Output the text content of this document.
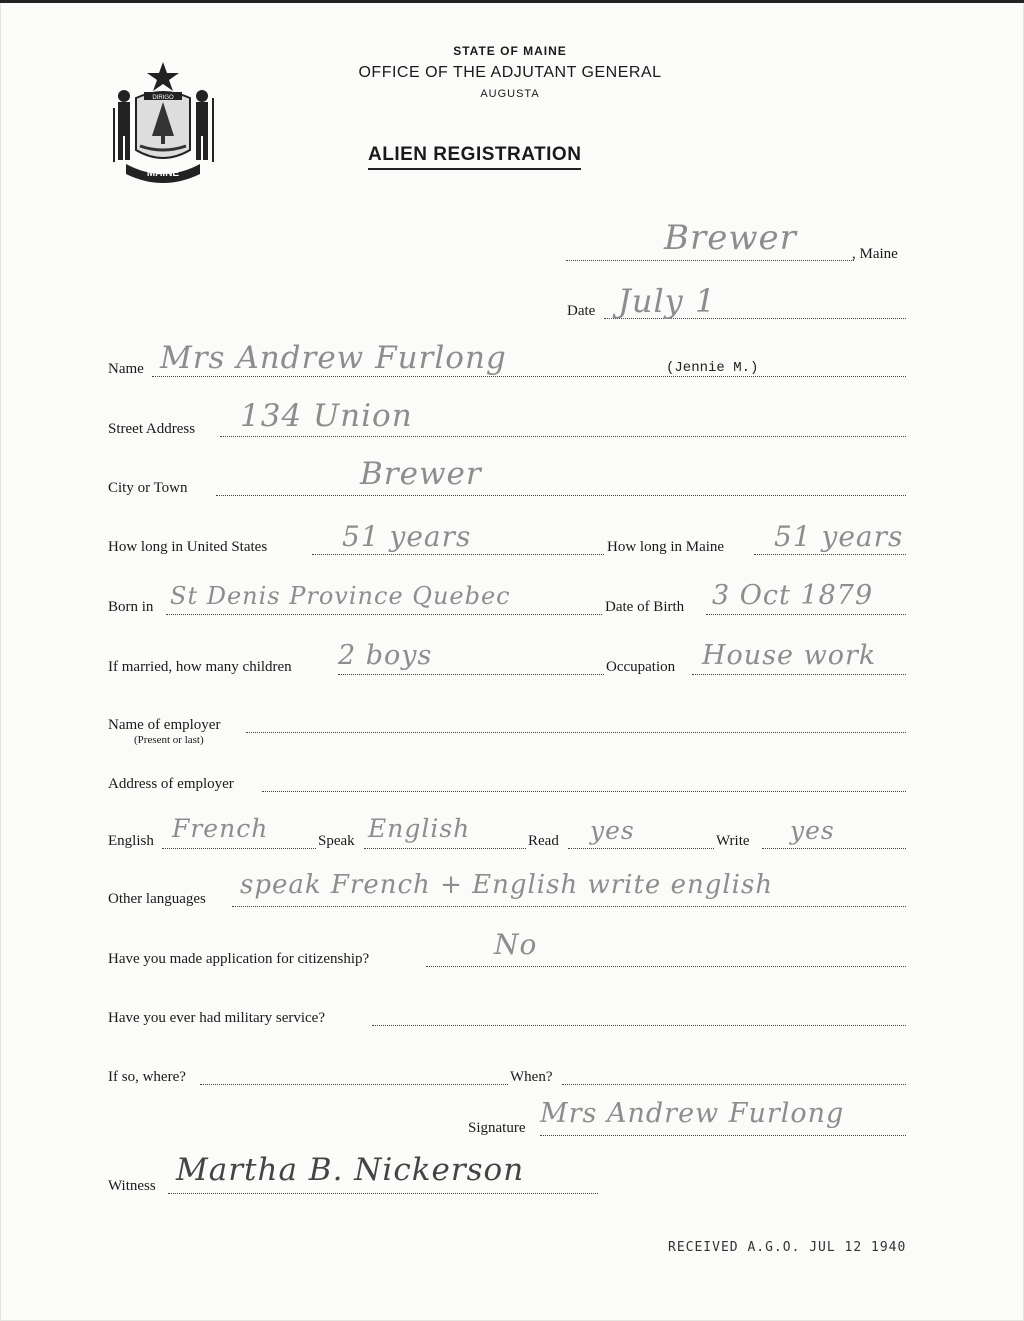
MAINE
DIRIGO
STATE OF MAINE
OFFICE OF THE ADJUTANT GENERAL
AUGUSTA
ALIEN REGISTRATION
Brewer	, Maine
Date July 1
Name Mrs Andrew Furlong	(Jennie M.)
Street Address 134 Union
City or Town	Brewer
How long in United States	51 years	How long in Maine 51 years
Born in St Denis Province Quebec	Date of Birth 3 Oct 1879
If married, how many children 2 boys	Occupation House work
Name of employer
(Present or last)
Address of employer
English French	Speak English	Read yes	Write yes
Other languages speak French + English write english
Have you made application for citizenship?	No
Have you ever had military service?
If so, where?	When?
Signature Mrs Andrew Furlong
Witness Martha B. Nickerson
RECEIVED A.G.O. JUL 12 1940
